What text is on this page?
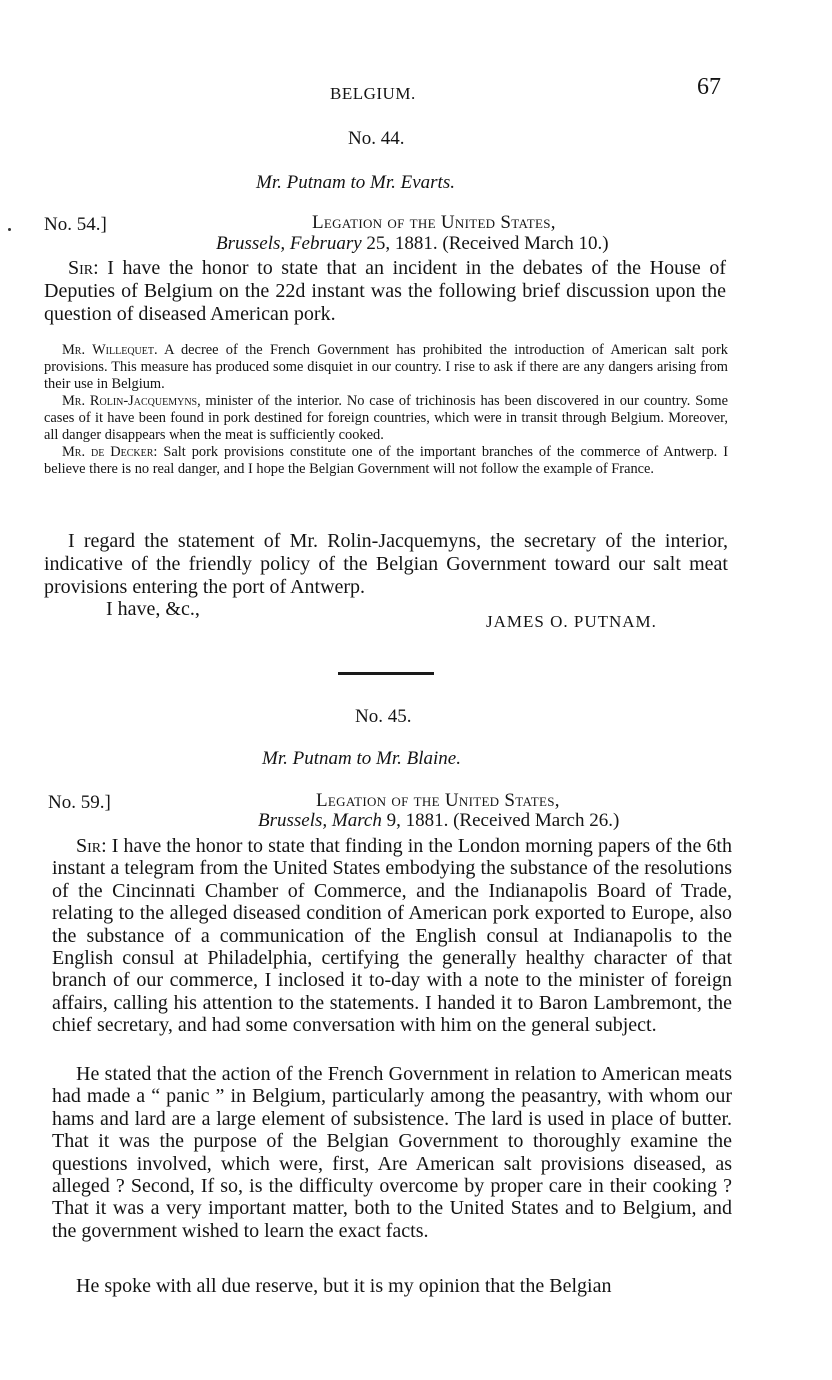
BELGIUM.	67
No. 44.
Mr. Putnam to Mr. Evarts.
No. 54.]	Legation of the United States,
Brussels, February 25, 1881. (Received March 10.)
Sir: I have the honor to state that an incident in the debates of the House of Deputies of Belgium on the 22d instant was the following brief discussion upon the question of diseased American pork.

Mr. Willequet. A decree of the French Government has prohibited the introduction of American salt pork provisions. This measure has produced some disquiet in our country. I rise to ask if there are any dangers arising from their use in Belgium.

Mr. Rolin-Jacquemyns, minister of the interior. No case of trichinosis has been discovered in our country. Some cases of it have been found in pork destined for foreign countries, which were in transit through Belgium. Moreover, all danger disappears when the meat is sufficiently cooked.

Mr. de Decker: Salt pork provisions constitute one of the important branches of the commerce of Antwerp. I believe there is no real danger, and I hope the Belgian Government will not follow the example of France.

I regard the statement of Mr. Rolin-Jacquemyns, the secretary of the interior, indicative of the friendly policy of the Belgian Government toward our salt meat provisions entering the port of Antwerp.
I have, &c.,
JAMES O. PUTNAM.
No. 45.
Mr. Putnam to Mr. Blaine.
No. 59.]	Legation of the United States,
Brussels, March 9, 1881. (Received March 26.)
Sir: I have the honor to state that finding in the London morning papers of the 6th instant a telegram from the United States embodying the substance of the resolutions of the Cincinnati Chamber of Commerce, and the Indianapolis Board of Trade, relating to the alleged diseased condition of American pork exported to Europe, also the substance of a communication of the English consul at Indianapolis to the English consul at Philadelphia, certifying the generally healthy character of that branch of our commerce, I inclosed it to-day with a note to the minister of foreign affairs, calling his attention to the statements. I handed it to Baron Lambremont, the chief secretary, and had some conversation with him on the general subject.
He stated that the action of the French Government in relation to American meats had made a “ panic ” in Belgium, particularly among the peasantry, with whom our hams and lard are a large element of subsistence. The lard is used in place of butter. That it was the purpose of the Belgian Government to thoroughly examine the questions involved, which were, first, Are American salt provisions diseased, as alleged ? Second, If so, is the difficulty overcome by proper care in their cooking ? That it was a very important matter, both to the United States and to Belgium, and the government wished to learn the exact facts.
He spoke with all due reserve, but it is my opinion that the Belgian
